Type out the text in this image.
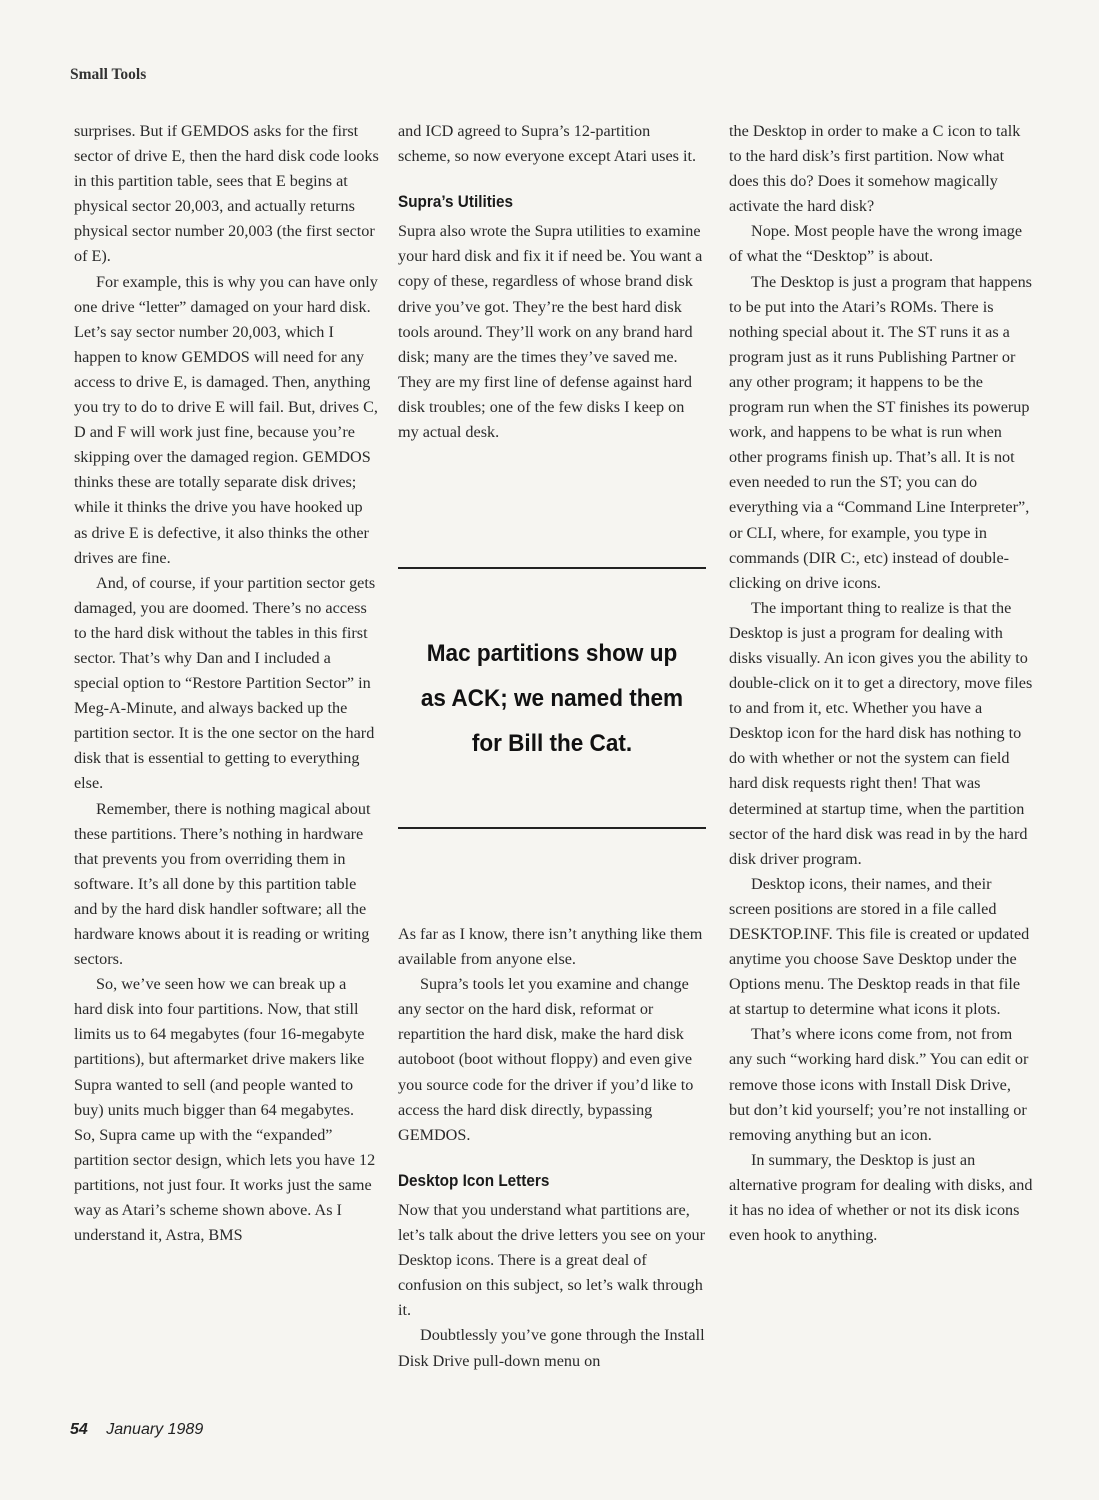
Small Tools

surprises. But if GEMDOS asks for the first sector of drive E, then the hard disk code looks in this partition table, sees that E begins at physical sector 20,003, and actually returns physical sector number 20,003 (the first sector of E).

For example, this is why you can have only one drive “letter” damaged on your hard disk. Let’s say sector number 20,003, which I happen to know GEMDOS will need for any access to drive E, is damaged. Then, anything you try to do to drive E will fail. But, drives C, D and F will work just fine, because you’re skipping over the damaged region. GEMDOS thinks these are totally separate disk drives; while it thinks the drive you have hooked up as drive E is defective, it also thinks the other drives are fine.

And, of course, if your partition sector gets damaged, you are doomed. There’s no access to the hard disk without the tables in this first sector. That’s why Dan and I included a special option to “Restore Partition Sector” in Meg-A-Minute, and always backed up the partition sector. It is the one sector on the hard disk that is essential to getting to everything else.

Remember, there is nothing magical about these partitions. There’s nothing in hardware that prevents you from overriding them in software. It’s all done by this partition table and by the hard disk handler software; all the hardware knows about it is reading or writing sectors.

So, we’ve seen how we can break up a hard disk into four partitions. Now, that still limits us to 64 megabytes (four 16-megabyte partitions), but aftermarket drive makers like Supra wanted to sell (and people wanted to buy) units much bigger than 64 megabytes. So, Supra came up with the “expanded” partition sector design, which lets you have 12 partitions, not just four. It works just the same way as Atari’s scheme shown above. As I understand it, Astra, BMS

and ICD agreed to Supra’s 12-partition scheme, so now everyone except Atari uses it.

Supra’s Utilities

Supra also wrote the Supra utilities to examine your hard disk and fix it if need be. You want a copy of these, regardless of whose brand disk drive you’ve got. They’re the best hard disk tools around. They’ll work on any brand hard disk; many are the times they’ve saved me. They are my first line of defense against hard disk troubles; one of the few disks I keep on my actual desk.

Mac partitions show up as ACK; we named them for Bill the Cat.

As far as I know, there isn’t anything like them available from anyone else.

Supra’s tools let you examine and change any sector on the hard disk, reformat or repartition the hard disk, make the hard disk autoboot (boot without floppy) and even give you source code for the driver if you’d like to access the hard disk directly, bypassing GEMDOS.

Desktop Icon Letters

Now that you understand what partitions are, let’s talk about the drive letters you see on your Desktop icons. There is a great deal of confusion on this subject, so let’s walk through it.

Doubtlessly you’ve gone through the Install Disk Drive pull-down menu on

the Desktop in order to make a C icon to talk to the hard disk’s first partition. Now what does this do? Does it somehow magically activate the hard disk?

Nope. Most people have the wrong image of what the “Desktop” is about.

The Desktop is just a program that happens to be put into the Atari’s ROMs. There is nothing special about it. The ST runs it as a program just as it runs Publishing Partner or any other program; it happens to be the program run when the ST finishes its powerup work, and happens to be what is run when other programs finish up. That’s all. It is not even needed to run the ST; you can do everything via a “Command Line Interpreter”, or CLI, where, for example, you type in commands (DIR C:, etc) instead of double-clicking on drive icons.

The important thing to realize is that the Desktop is just a program for dealing with disks visually. An icon gives you the ability to double-click on it to get a directory, move files to and from it, etc. Whether you have a Desktop icon for the hard disk has nothing to do with whether or not the system can field hard disk requests right then! That was determined at startup time, when the partition sector of the hard disk was read in by the hard disk driver program.

Desktop icons, their names, and their screen positions are stored in a file called DESKTOP.INF. This file is created or updated anytime you choose Save Desktop under the Options menu. The Desktop reads in that file at startup to determine what icons it plots.

That’s where icons come from, not from any such “working hard disk.” You can edit or remove those icons with Install Disk Drive, but don’t kid yourself; you’re not installing or removing anything but an icon.

In summary, the Desktop is just an alternative program for dealing with disks, and it has no idea of whether or not its disk icons even hook to anything.

54 January 1989
